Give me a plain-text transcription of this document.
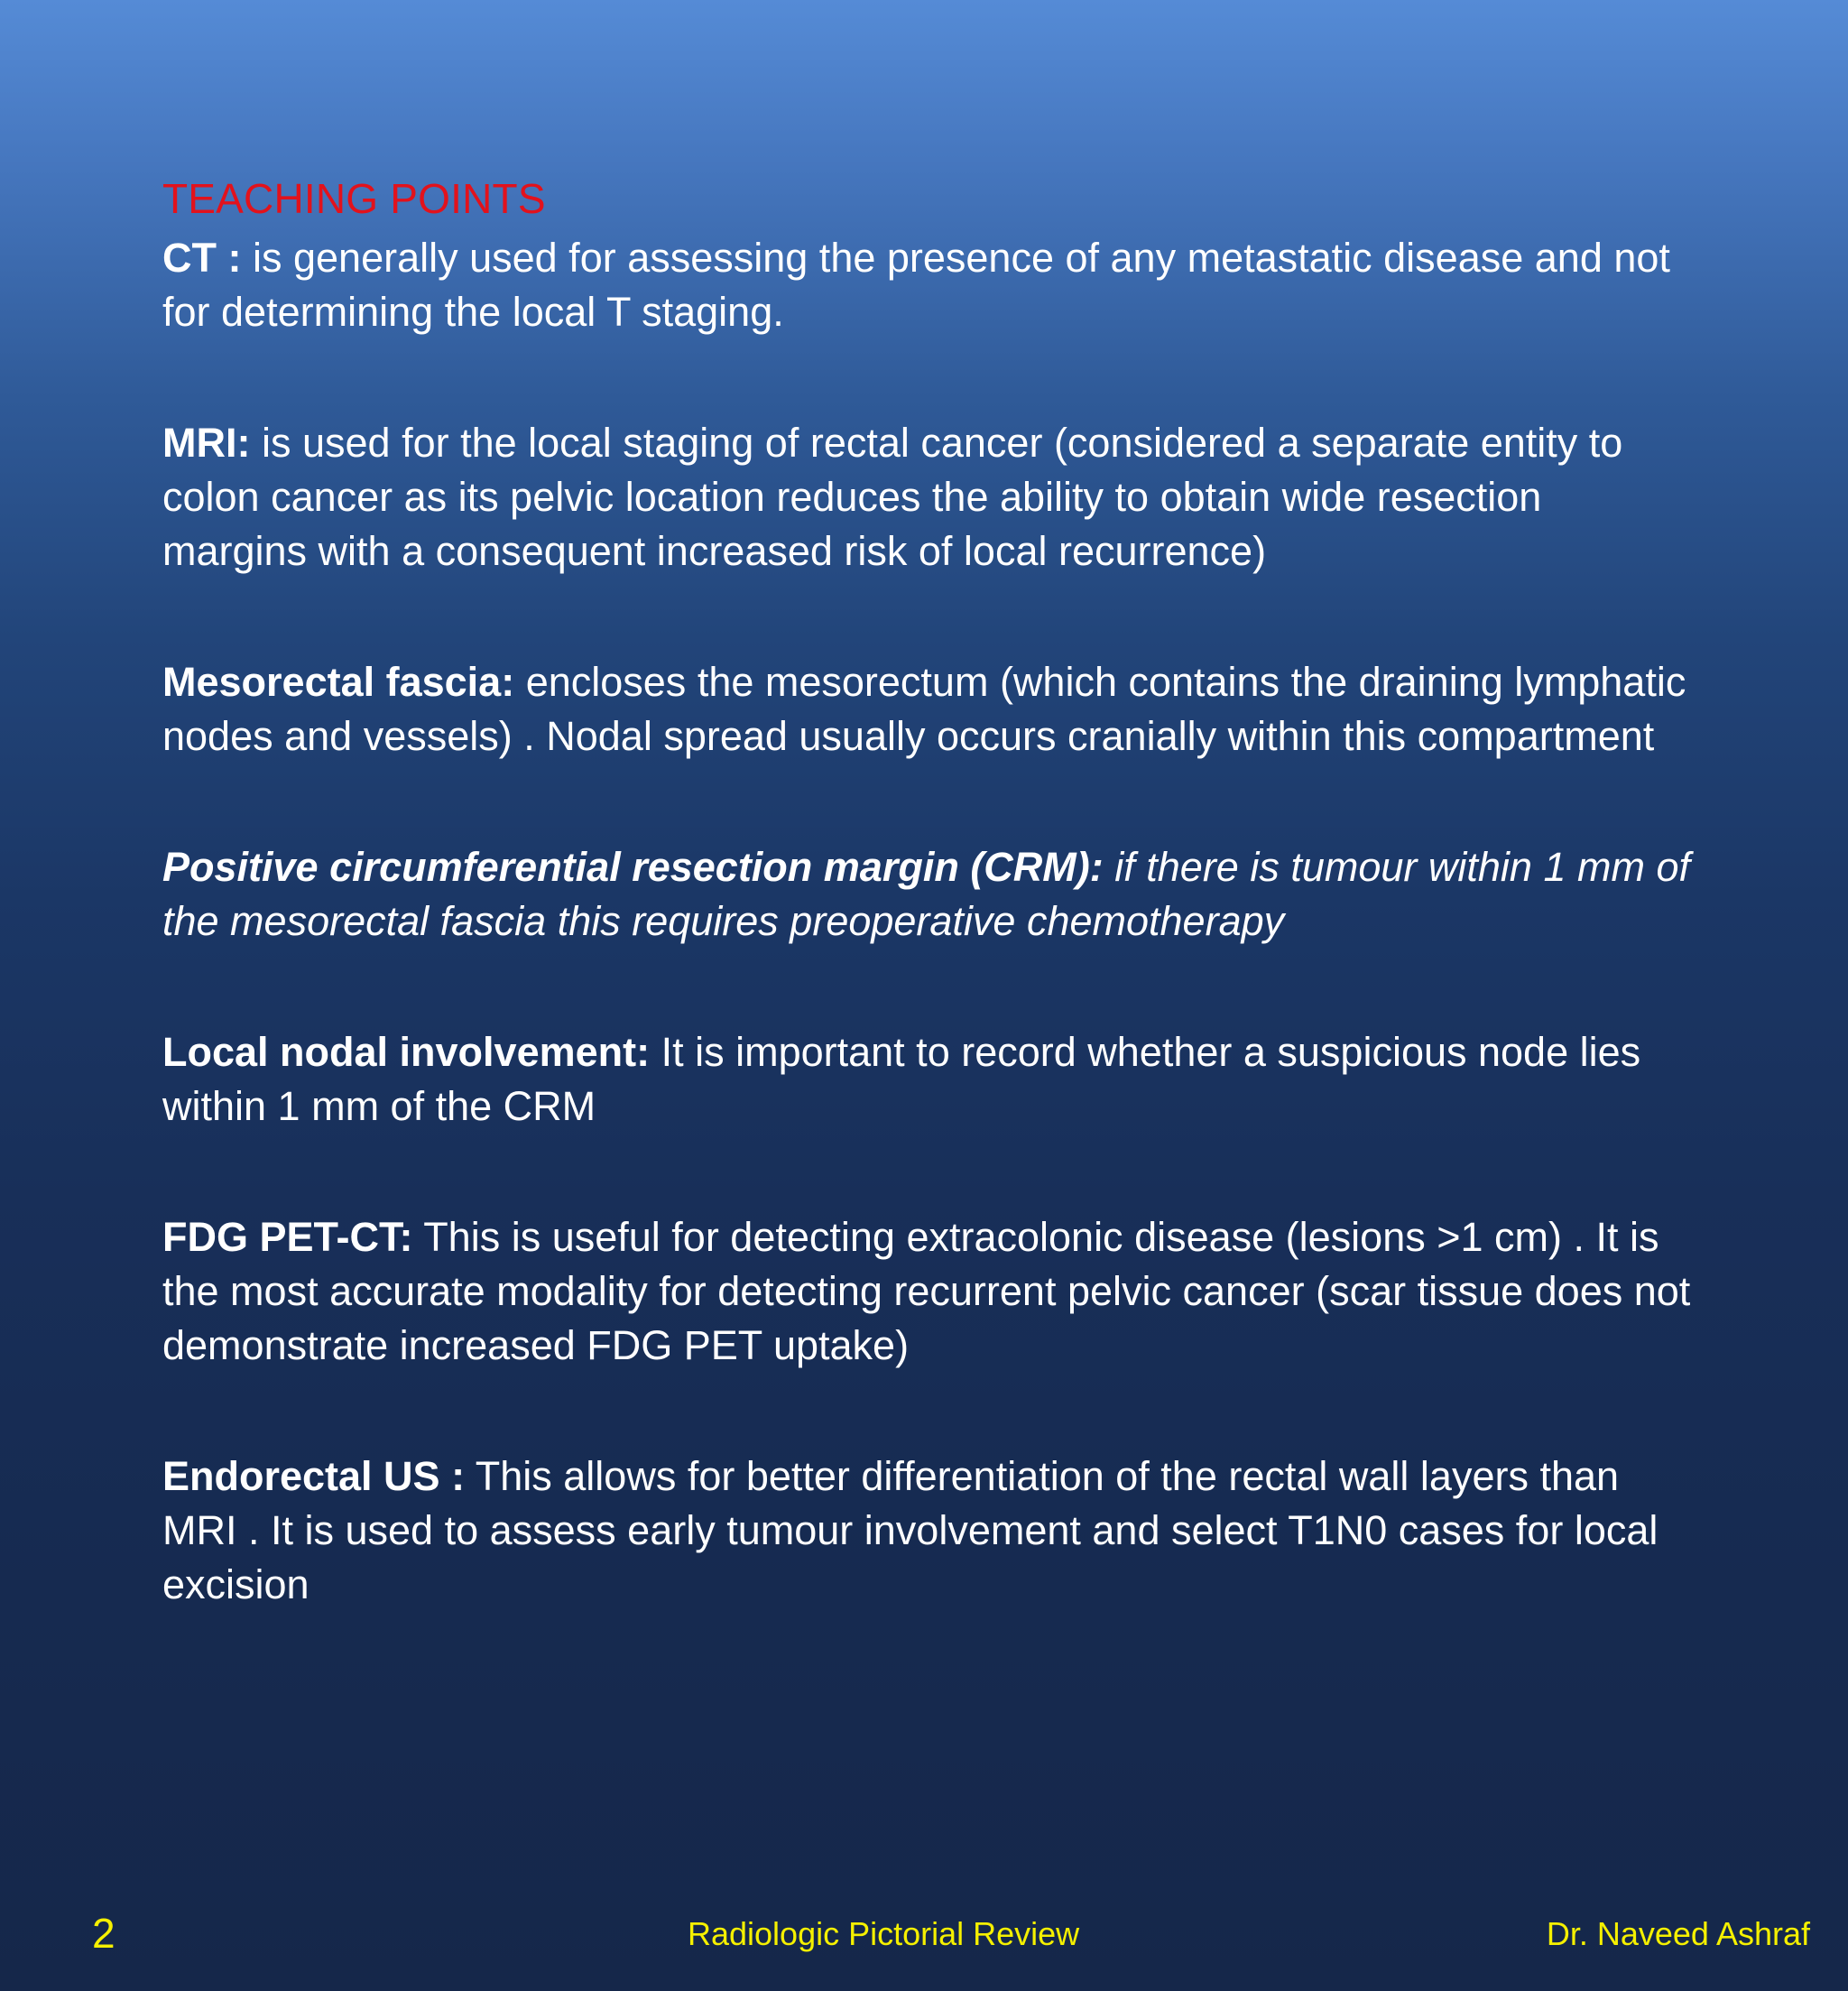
TEACHING POINTS

CT : is generally used for assessing the presence of any metastatic disease and not for determining the local T staging.

MRI: is used for the local staging of rectal cancer (considered a separate entity to colon cancer as its pelvic location reduces the ability to obtain wide resection margins with a consequent increased risk of local recurrence)

Mesorectal fascia: encloses the mesorectum (which contains the draining lymphatic nodes and vessels) . Nodal spread usually occurs cranially within this compartment

Positive circumferential resection margin (CRM): if there is tumour within 1 mm of the mesorectal fascia this requires preoperative chemotherapy

Local nodal involvement: It is important to record whether a suspicious node lies within 1 mm of the CRM

FDG PET-CT: This is useful for detecting extracolonic disease (lesions >1 cm) . It is the most accurate modality for detecting recurrent pelvic cancer (scar tissue does not demonstrate increased FDG PET uptake)

Endorectal US : This allows for better differentiation of the rectal wall layers than MRI . It is used to assess early tumour involvement and select T1N0 cases for local excision

2	Radiologic Pictorial Review	Dr. Naveed Ashraf
